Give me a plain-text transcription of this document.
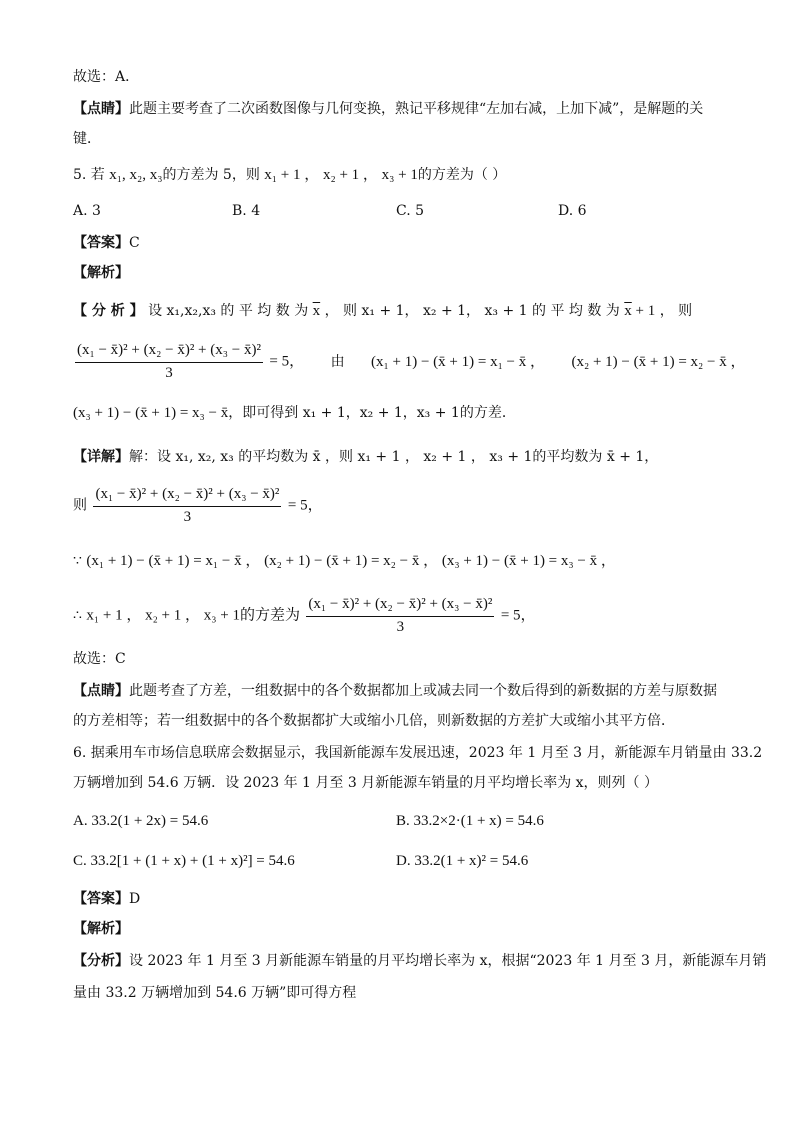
故选：A．
【点睛】此题主要考查了二次函数图像与几何变换，熟记平移规律“左加右减，上加下减”，是解题的关
键．
5. 若 x₁, x₂, x₃的方差为 5，则 x₁ + 1 ， x₂ + 1 ， x₃ + 1的方差为（ ）
A. 3	B. 4	C. 5	D. 6
【答案】C
【解析】
【 分 析 】 设 x₁,x₂,x₃ 的 平 均 数 为 $\overline{x}$ ， 则 x₁ + 1， x₂ + 1， x₃ + 1 的 平 均 数 为 $\overline{x} + 1$ ， 则
$\frac{\text{(x₁ − x̄)² + (x₂ − x̄)² + (x₃ − x̄)²}}{3} = 5$， 由 (x₁ + 1) − (x̄ + 1) = x₁ − x̄ ， (x₂ + 1) − (x̄ + 1) = x₂ − x̄ ，
(x₃ + 1) − (x̄ + 1) = x₃ − x̄，即可得到 x₁ + 1，x₂ + 1，x₃ + 1的方差．
【详解】解：设 x₁, x₂, x₃ 的平均数为 x̄ ，则 x₁ + 1 ， x₂ + 1 ， x₃ + 1的平均数为 x̄ + 1，
则 $\frac{\text{(x₁ − x̄)² + (x₂ − x̄)² + (x₃ − x̄)²}}{3} = 5$，
∵ (x₁ + 1) − (x̄ + 1) = x₁ − x̄ ， (x₂ + 1) − (x̄ + 1) = x₂ − x̄ ， (x₃ + 1) − (x̄ + 1) = x₃ − x̄ ，
∴ x₁ + 1 ， x₂ + 1 ， x₃ + 1的方差为 $\frac{\text{(x₁ − x̄)² + (x₂ − x̄)² + (x₃ − x̄)²}}{3} = 5$，
故选：C
【点睛】此题考查了方差，一组数据中的各个数据都加上或减去同一个数后得到的新数据的方差与原数据
的方差相等；若一组数据中的各个数据都扩大或缩小几倍，则新数据的方差扩大或缩小其平方倍．
6. 据乘用车市场信息联席会数据显示，我国新能源车发展迅速，2023 年 1 月至 3 月，新能源车月销量由 33.2
万辆增加到 54.6 万辆．设 2023 年 1 月至 3 月新能源车销量的月平均增长率为 x，则列（ ）
A. 33.2(1 + 2x) = 54.6	B. 33.2×2·(1 + x) = 54.6
C. 33.2[1 + (1 + x) + (1 + x)²] = 54.6	D. 33.2(1 + x)² = 54.6
【答案】D
【解析】
【分析】设 2023 年 1 月至 3 月新能源车销量的月平均增长率为 x，根据“2023 年 1 月至 3 月，新能源车月销
量由 33.2 万辆增加到 54.6 万辆”即可得方程
